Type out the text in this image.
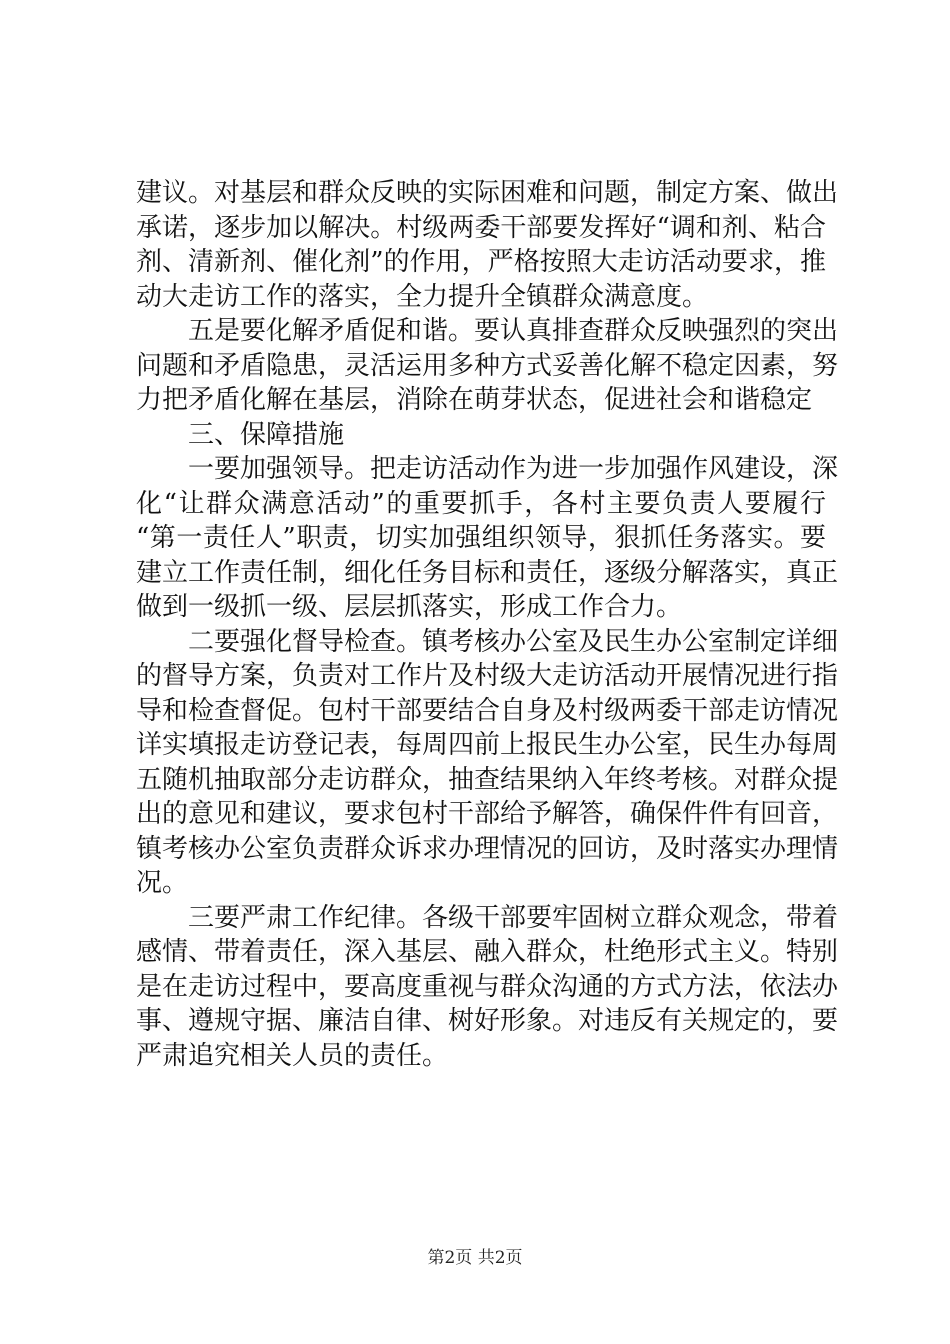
建议。对基层和群众反映的实际困难和问题，制定方案、做出
承诺，逐步加以解决。村级两委干部要发挥好“调和剂、粘合
剂、清新剂、催化剂”的作用，严格按照大走访活动要求，推
动大走访工作的落实，全力提升全镇群众满意度。
五是要化解矛盾促和谐。要认真排查群众反映强烈的突出
问题和矛盾隐患，灵活运用多种方式妥善化解不稳定因素，努
力把矛盾化解在基层，消除在萌芽状态，促进社会和谐稳定
三、保障措施
一要加强领导。把走访活动作为进一步加强作风建设，深
化“让群众满意活动”的重要抓手，各村主要负责人要履行
“第一责任人”职责，切实加强组织领导，狠抓任务落实。要
建立工作责任制，细化任务目标和责任，逐级分解落实，真正
做到一级抓一级、层层抓落实，形成工作合力。
二要强化督导检查。镇考核办公室及民生办公室制定详细
的督导方案，负责对工作片及村级大走访活动开展情况进行指
导和检查督促。包村干部要结合自身及村级两委干部走访情况
详实填报走访登记表，每周四前上报民生办公室，民生办每周
五随机抽取部分走访群众，抽查结果纳入年终考核。对群众提
出的意见和建议，要求包村干部给予解答，确保件件有回音，
镇考核办公室负责群众诉求办理情况的回访，及时落实办理情
况。
三要严肃工作纪律。各级干部要牢固树立群众观念，带着
感情、带着责任，深入基层、融入群众，杜绝形式主义。特别
是在走访过程中，要高度重视与群众沟通的方式方法，依法办
事、遵规守据、廉洁自律、树好形象。对违反有关规定的，要
严肃追究相关人员的责任。
第2页 共2页
